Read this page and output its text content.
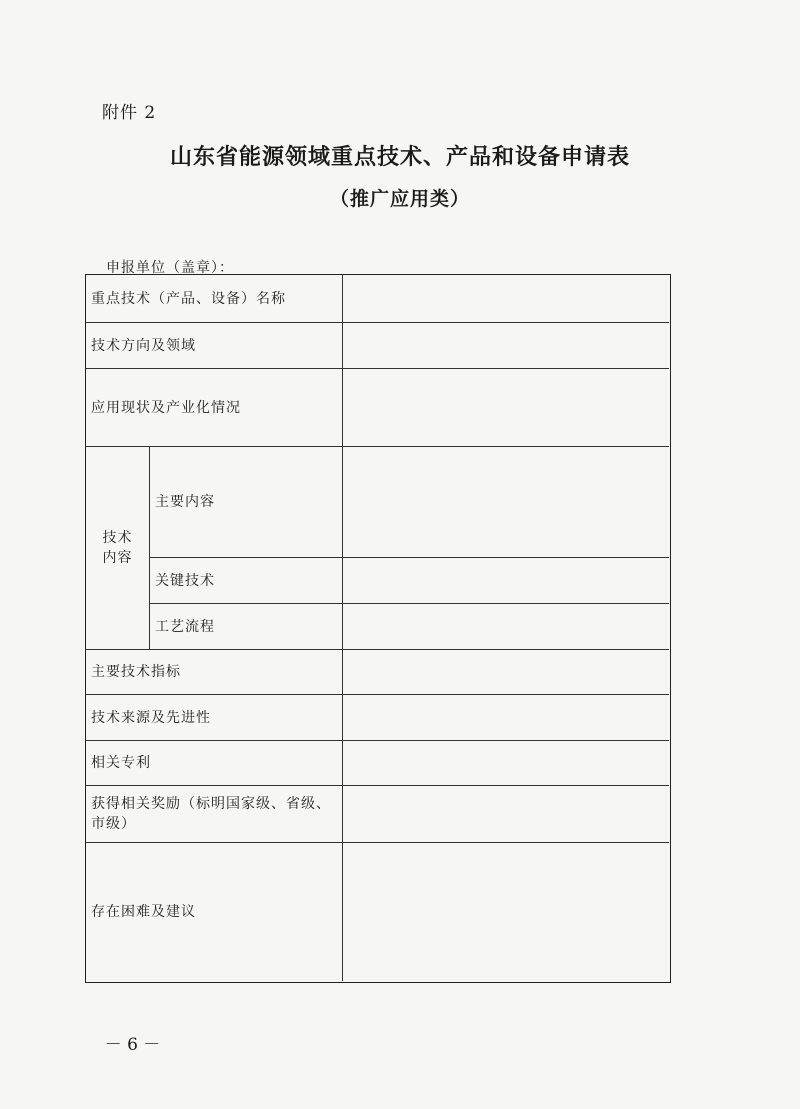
附件 2
山东省能源领域重点技术、产品和设备申请表
（推广应用类）
申报单位（盖章）：
重点技术（产品、设备）名称
技术方向及领域
应用现状及产业化情况
技术
内容
主要内容
关键技术
工艺流程
主要技术指标
技术来源及先进性
相关专利
获得相关奖励（标明国家级、省级、市级）
存在困难及建议
－ 6 －
